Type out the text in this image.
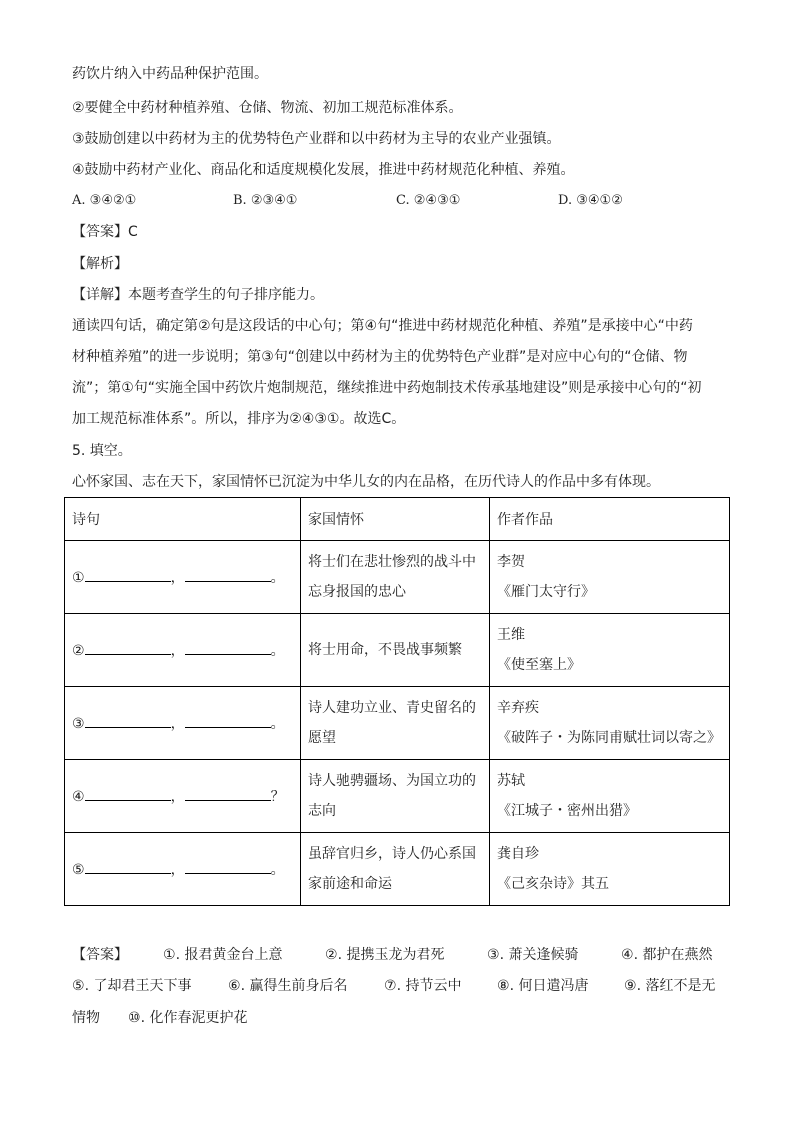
药饮片纳入中药品种保护范围。
②要健全中药材种植养殖、仓储、物流、初加工规范标准体系。
③鼓励创建以中药材为主的优势特色产业群和以中药材为主导的农业产业强镇。
④鼓励中药材产业化、商品化和适度规模化发展，推进中药材规范化种植、养殖。
A. ③④②①	B. ②③④①	C. ②④③①	D. ③④①②
【答案】C
【解析】
【详解】本题考查学生的句子排序能力。
通读四句话，确定第②句是这段话的中心句；第④句“推进中药材规范化种植、养殖”是承接中心“中药
材种植养殖”的进一步说明；第③句“创建以中药材为主的优势特色产业群”是对应中心句的“仓储、物
流”；第①句“实施全国中药饮片炮制规范，继续推进中药炮制技术传承基地建设”则是承接中心句的“初
加工规范标准体系”。所以，排序为②④③①。故选C。
5. 填空。
心怀家国、志在天下，家国情怀已沉淀为中华儿女的内在品格，在历代诗人的作品中多有体现。
诗句	家国情怀	作者作品
① ， 。	将士们在悲壮惨烈的战斗中
忘身报国的忠心	李贺
《雁门太守行》

② ， 。	将士用命，不畏战事频繁	王维
《使至塞上》

③ ， 。	诗人建功立业、青史留名的
愿望	辛弃疾
《破阵子・为陈同甫赋壮词以寄之》

④ ， ？	诗人驰骋疆场、为国立功的
志向	苏轼
《江城子・密州出猎》

⑤ ， 。	虽辞官归乡，诗人仍心系国
家前途和命运	龚自珍
《己亥杂诗》其五
【答案】	①. 报君黄金台上意	②. 提携玉龙为君死	③. 萧关逢候骑	④. 都护在燕然
⑤. 了却君王天下事	⑥. 赢得生前身后名	⑦. 持节云中	⑧. 何日遣冯唐	⑨. 落红不是无
情物 ⑩. 化作春泥更护花
